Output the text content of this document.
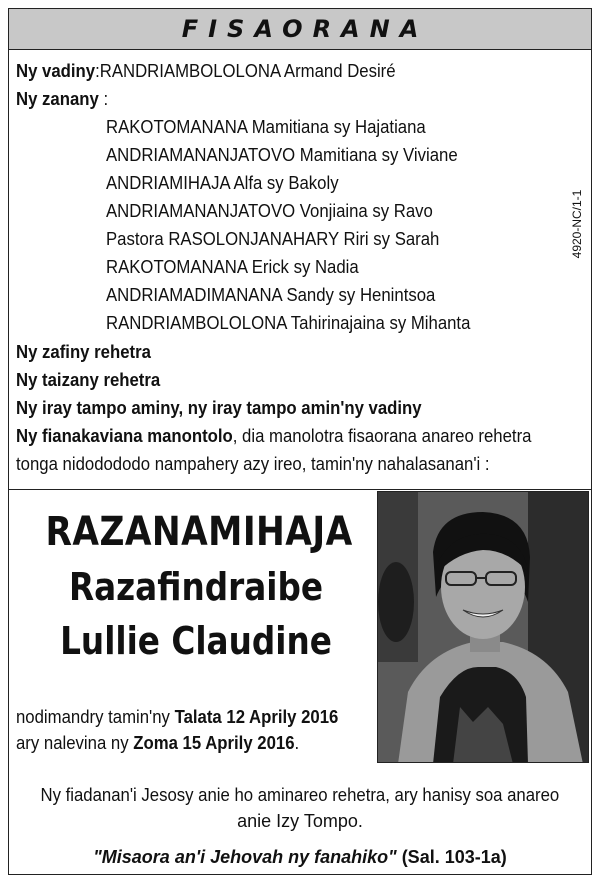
FISAORANA
Ny vadiny:RANDRIAMBOLOLONA Armand Desiré
Ny zanany :
RAKOTOMANANA Mamitiana sy Hajatiana
ANDRIAMANANJATOVO Mamitiana sy Viviane
ANDRIAMIHAJA Alfa sy Bakoly
ANDRIAMANANJATOVO Vonjiaina sy Ravo
Pastora RASOLONJANAHARY Riri sy Sarah
RAKOTOMANANA Erick sy Nadia
ANDRIAMADIMANANA Sandy sy Henintsoa
RANDRIAMBOLOLONA Tahirinajaina sy Mihanta
Ny zafiny rehetra
Ny taizany rehetra
Ny iray tampo aminy, ny iray tampo amin'ny vadiny
Ny fianakaviana manontolo, dia manolotra fisaorana anareo rehetra
tonga nidodododo nampahery azy ireo, tamin'ny nahalasanan'i :
4920-NC/1-1
RAZANAMIHAJA
Razafindraibe
Lullie Claudine
nodimandry tamin'ny Talata 12 Aprily 2016
ary nalevina ny Zoma 15 Aprily 2016.
Ny fiadanan'i Jesosy anie ho aminareo rehetra, ary hanisy soa anareo
anie Izy Tompo.
"Misaora an'i Jehovah ny fanahiko" (Sal. 103-1a)
